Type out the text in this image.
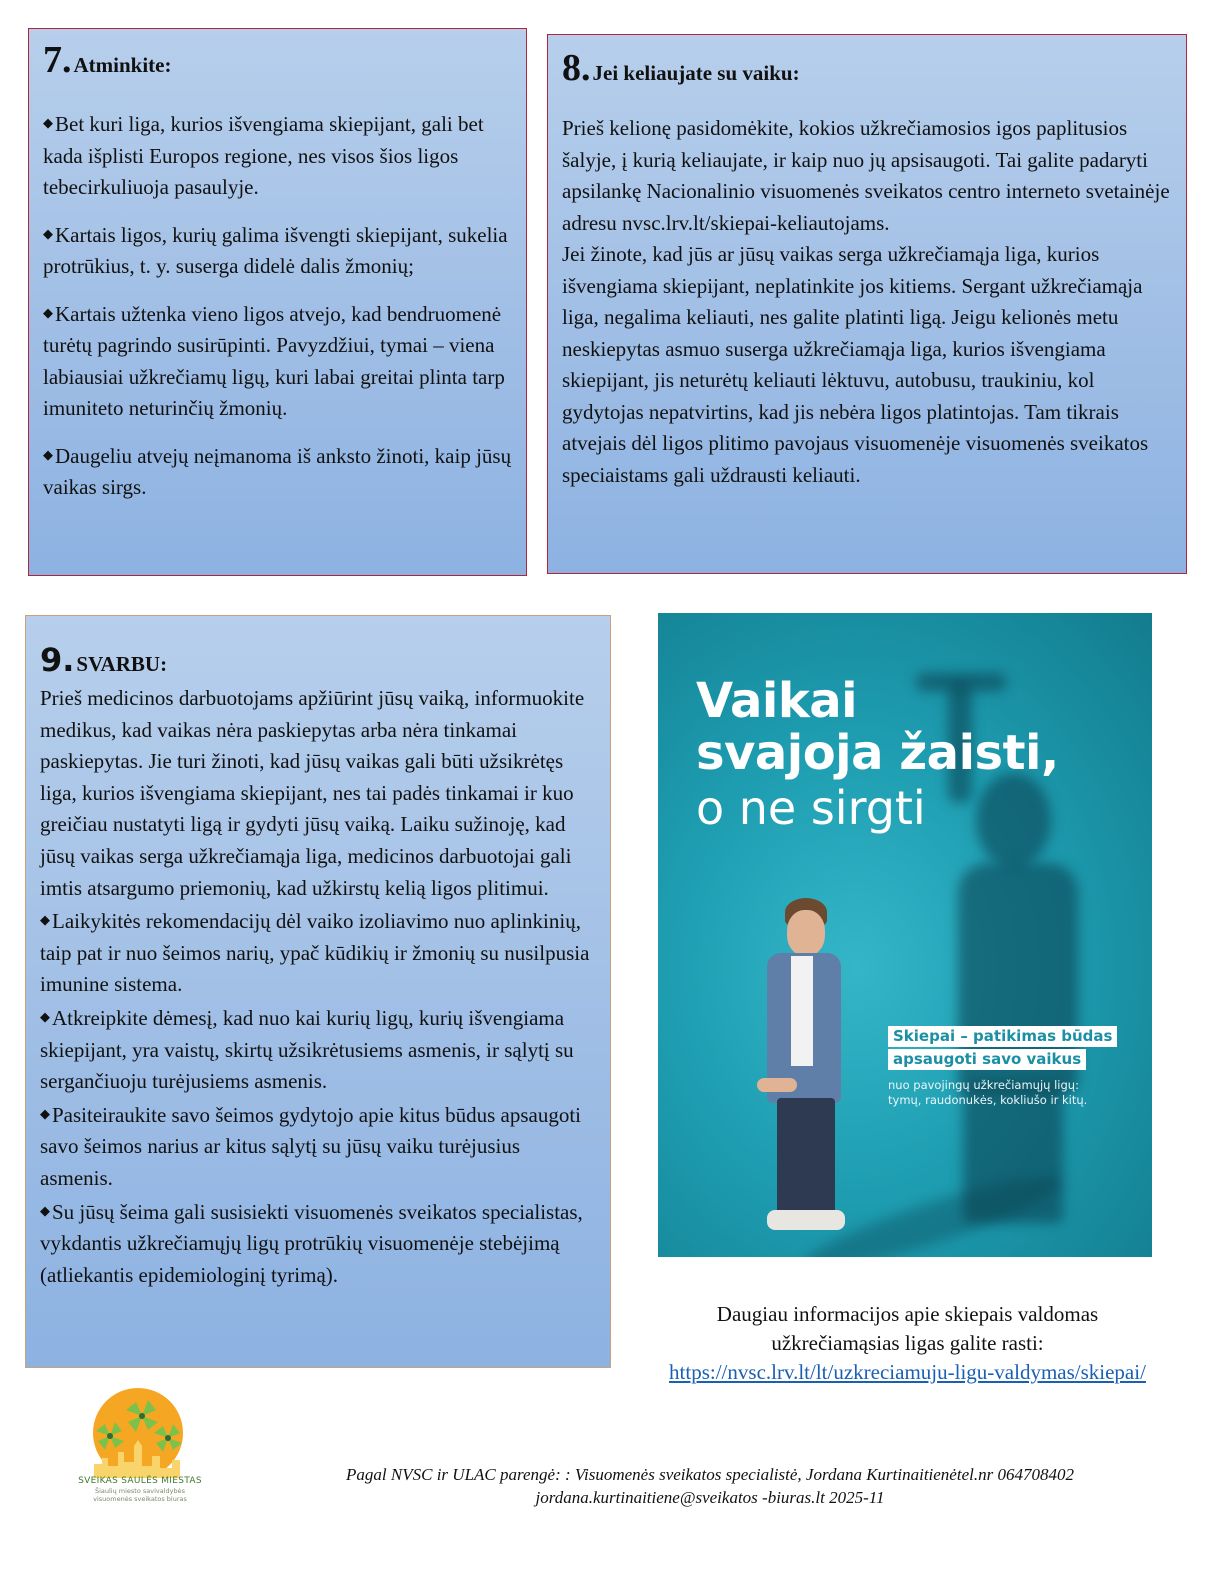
7. Atminkite:

◆Bet kuri liga, kurios išvengiama skiepijant, gali bet kada išplisti Europos regione, nes visos šios ligos tebecirkuliuoja pasaulyje.

◆Kartais ligos, kurių galima išvengti skiepijant, sukelia protrūkius, t. y. suserga didelė dalis žmonių;

◆Kartais užtenka vieno ligos atvejo, kad bendruomenė turėtų pagrindo susirūpinti. Pavyzdžiui, tymai – viena labiausiai užkrečiamų ligų, kuri labai greitai plinta tarp imuniteto neturinčių žmonių.

◆Daugeliu atvejų neįmanoma iš anksto žinoti, kaip jūsų vaikas sirgs.

8. Jei keliaujate su vaiku:

Prieš kelionę pasidomėkite, kokios užkrečiamosios igos paplitusios šalyje, į kurią keliaujate, ir kaip nuo jų apsisaugoti. Tai galite padaryti apsilankę Nacionalinio visuomenės sveikatos centro interneto svetainėje adresu nvsc.lrv.lt/skiepai-keliautojams.

Jei žinote, kad jūs ar jūsų vaikas serga užkrečiamąja liga, kurios išvengiama skiepijant, neplatinkite jos kitiems. Sergant užkrečiamąja liga, negalima keliauti, nes galite platinti ligą. Jeigu kelionės metu neskiepytas asmuo suserga užkrečiamąja liga, kurios išvengiama skiepijant, jis neturėtų keliauti lėktuvu, autobusu, traukiniu, kol gydytojas nepatvirtins, kad jis nebėra ligos platintojas. Tam tikrais atvejais dėl ligos plitimo pavojaus visuomenėje visuomenės sveikatos speciaistams gali uždrausti keliauti.

9. SVARBU:

Prieš medicinos darbuotojams apžiūrint jūsų vaiką, informuokite medikus, kad vaikas nėra paskiepytas arba nėra tinkamai paskiepytas. Jie turi žinoti, kad jūsų vaikas gali būti užsikrėtęs liga, kurios išvengiama skiepijant, nes tai padės tinkamai ir kuo greičiau nustatyti ligą ir gydyti jūsų vaiką. Laiku sužinoję, kad jūsų vaikas serga užkrečiamąja liga, medicinos darbuotojai gali imtis atsargumo priemonių, kad užkirstų kelią ligos plitimui.

◆Laikykitės rekomendacijų dėl vaiko izoliavimo nuo aplinkinių, taip pat ir nuo šeimos narių, ypač kūdikių ir žmonių su nusilpusia imunine sistema.

◆Atkreipkite dėmesį, kad nuo kai kurių ligų, kurių išvengiama skiepijant, yra vaistų, skirtų užsikrėtusiems asmenis, ir sąlytį su sergančiuoju turėjusiems asmenis.

◆Pasiteiraukite savo šeimos gydytojo apie kitus būdus apsaugoti savo šeimos narius ar kitus sąlytį su jūsų vaiku turėjusius asmenis.

◆Su jūsų šeima gali susisiekti visuomenės sveikatos specialistas, vykdantis užkrečiamųjų ligų protrūkių visuomenėje stebėjimą (atliekantis epidemiologinį tyrimą).

Vaikai
svajoja žaisti,
o ne sirgti
Skiepai – patikimas būdas
apsaugoti savo vaikus
nuo pavojingų užkrečiamųjų ligų:
tymų, raudonukės, kokliušo ir kitų.
Daugiau informacijos apie skiepais valdomas
užkrečiamąsias ligas galite rasti:
https://nvsc.lrv.lt/lt/uzkreciamuju-ligu-valdymas/skiepai/
SVEIKAS SAULĖS MIESTAS
Šiaulių miesto savivaldybės
visuomenės sveikatos biuras
Pagal NVSC ir ULAC parengė: : Visuomenės sveikatos specialistė, Jordana Kurtinaitienėtel.nr 064708402
jordana.kurtinaitiene@sveikatos -biuras.lt 2025-11
